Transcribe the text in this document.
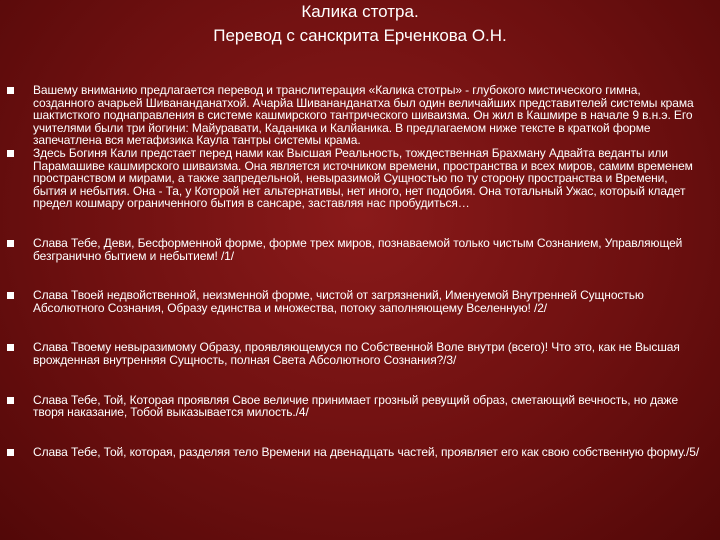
Калика стотра.
Перевод с санскрита Ерченкова О.Н.
Вашему вниманию предлагается перевод и транслитерация «Калика стотры» - глубокого мистического гимна, созданного ачарьей Шивананданатхой. Ачарйа Шивананданатха был один величайших представителей системы крама шактисткого поднаправления в системе кашмирского тантрического шиваизма. Он жил в Кашмире в начале 9 в.н.э. Его учителями были три йогини: Майуравати, Каданика и Калйаника. В предлагаемом ниже тексте в краткой форме запечатлена вся метафизика Каула тантры системы крама.
Здесь Богиня Кали предстает перед нами как Высшая Реальность, тождественная Брахману Адвайта веданты или Парамашиве кашмирского шиваизма. Она является источником времени, пространства и всех миров, самим временем пространством и мирами, а также запредельной, невыразимой Сущностью по ту сторону пространства и Времени, бытия и небытия. Она - Та, у Которой нет альтернативы, нет иного, нет подобия. Она тотальный Ужас, который кладет предел кошмару ограниченного бытия в сансаре, заставляя нас пробудиться…
Слава Тебе, Деви, Бесформенной форме, форме трех миров, познаваемой только чистым Сознанием, Управляющей безгранично бытием и небытием! /1/
Слава Твоей недвойственной, неизменной форме, чистой от загрязнений, Именуемой Внутренней Сущностью Абсолютного Сознания, Образу единства и множества, потоку заполняющему Вселенную! /2/
Слава Твоему невыразимому Образу, проявляющемуся по Собственной Воле внутри (всего)! Что это, как не Высшая врожденная внутренняя Сущность, полная Света Абсолютного Сознания?/3/
Слава Тебе, Той, Которая проявляя Свое величие принимает грозный ревущий образ, сметающий вечность, но даже творя наказание, Тобой выказывается милость./4/
Слава Тебе, Той, которая, разделяя тело Времени на двенадцать частей, проявляет его как свою собственную форму./5/
